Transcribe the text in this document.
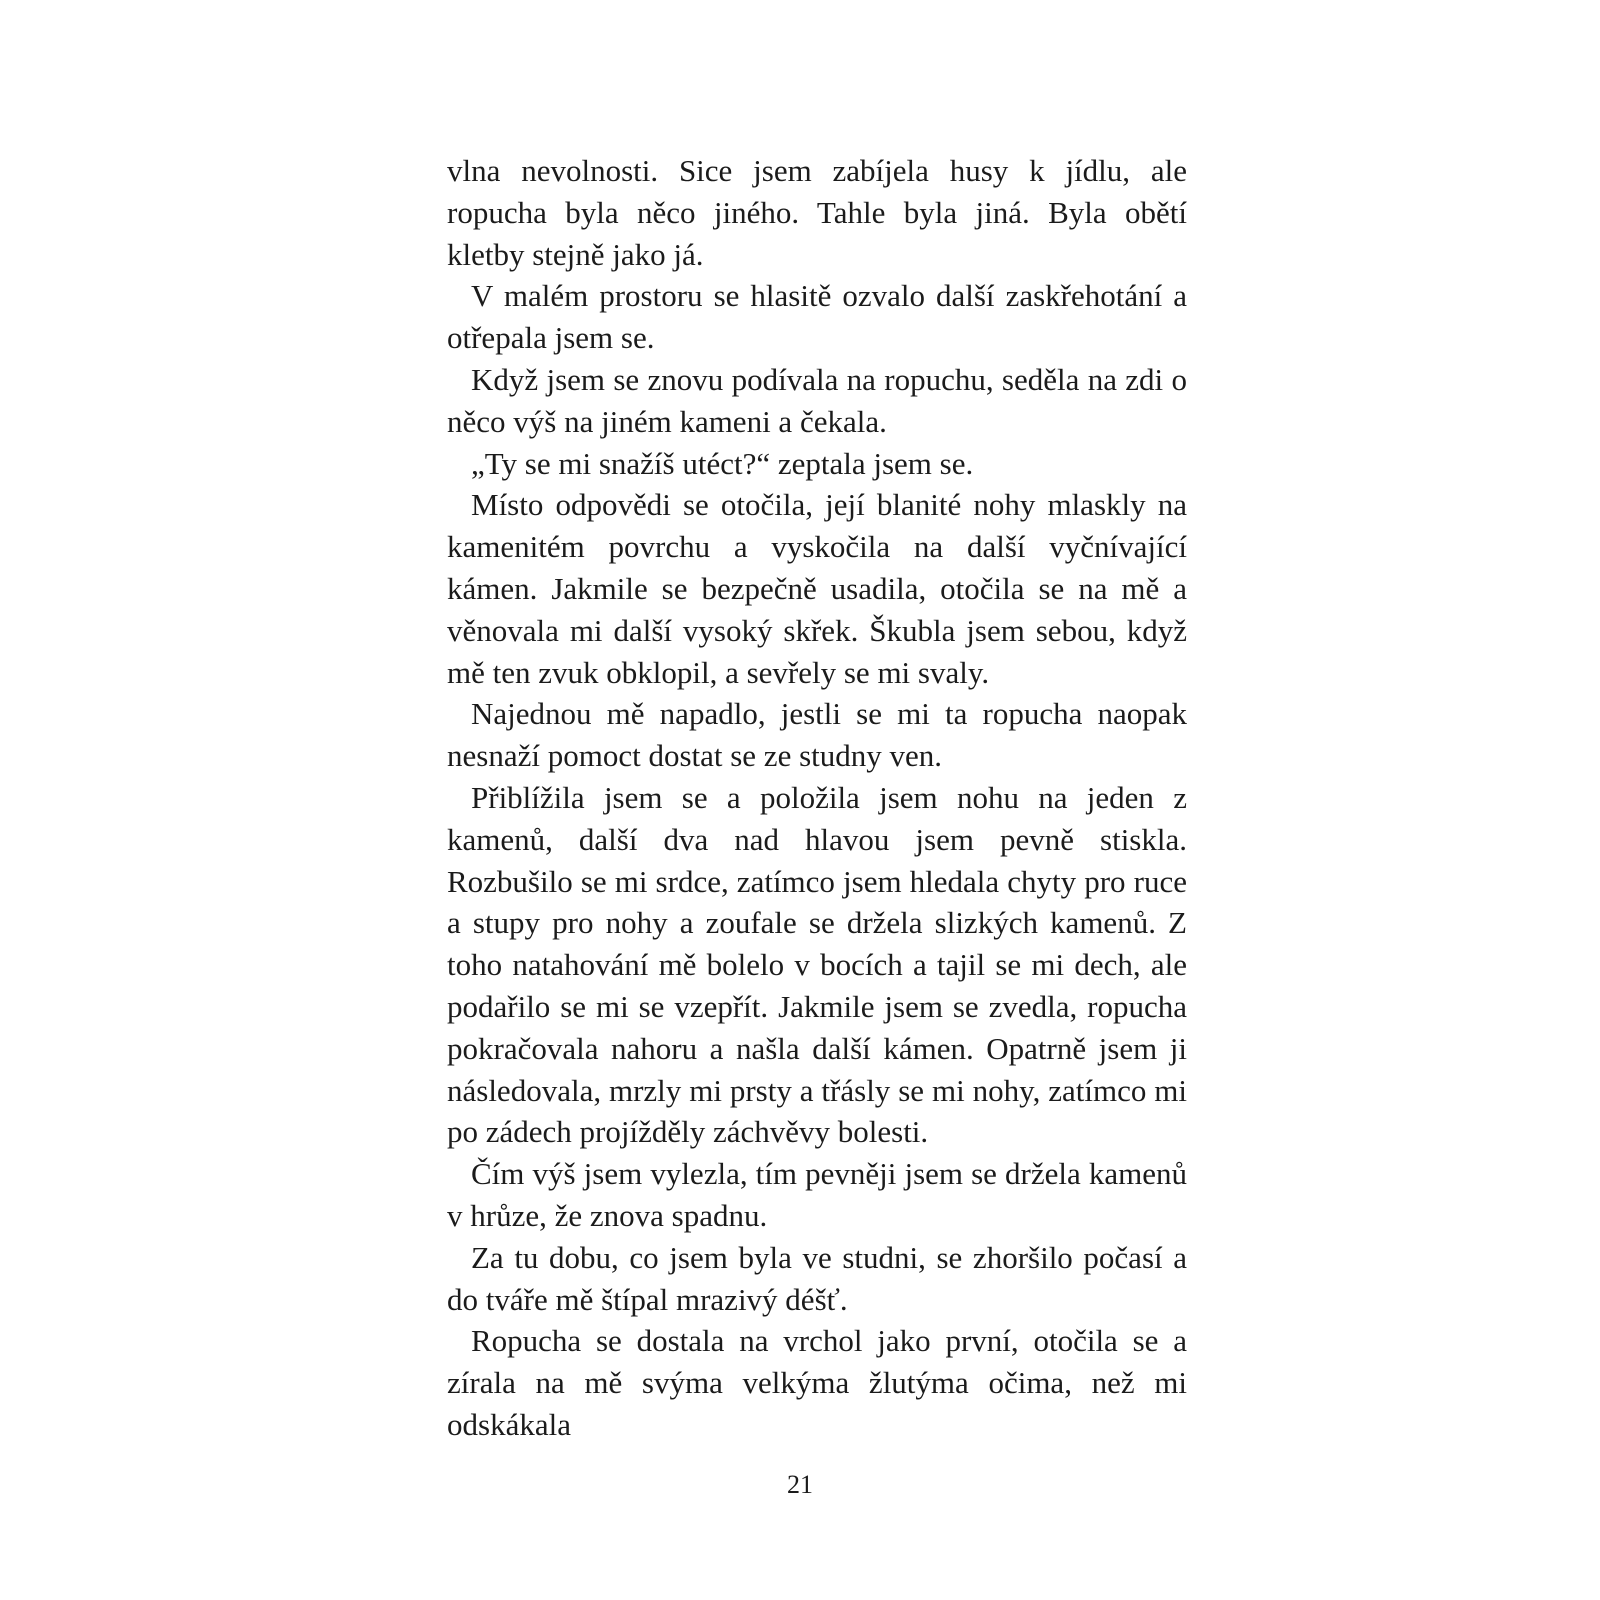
vlna nevolnosti. Sice jsem zabíjela husy k jídlu, ale ropucha byla něco jiného. Tahle byla jiná. Byla obětí kletby stejně jako já.

V malém prostoru se hlasitě ozvalo další zaskřehotání a otřepala jsem se.

Když jsem se znovu podívala na ropuchu, seděla na zdi o něco výš na jiném kameni a čekala.

„Ty se mi snažíš utéct?“ zeptala jsem se.

Místo odpovědi se otočila, její blanité nohy mlaskly na kamenitém povrchu a vyskočila na další vyčnívající kámen. Jakmile se bezpečně usadila, otočila se na mě a věnovala mi další vysoký skřek. Škubla jsem sebou, když mě ten zvuk obklopil, a sevřely se mi svaly.

Najednou mě napadlo, jestli se mi ta ropucha naopak nesnaží pomoct dostat se ze studny ven.

Přiblížila jsem se a položila jsem nohu na jeden z kamenů, další dva nad hlavou jsem pevně stiskla. Rozbušilo se mi srdce, zatímco jsem hledala chyty pro ruce a stupy pro nohy a zoufale se držela slizkých kamenů. Z toho natahování mě bolelo v bocích a tajil se mi dech, ale podařilo se mi se vzepřít. Jakmile jsem se zvedla, ropucha pokračovala nahoru a našla další kámen. Opatrně jsem ji následovala, mrzly mi prsty a třásly se mi nohy, zatímco mi po zádech projížděly záchvěvy bolesti.

Čím výš jsem vylezla, tím pevněji jsem se držela kamenů v hrůze, že znova spadnu.

Za tu dobu, co jsem byla ve studni, se zhoršilo počasí a do tváře mě štípal mrazivý déšť.

Ropucha se dostala na vrchol jako první, otočila se a zírala na mě svýma velkýma žlutýma očima, než mi odskákala

21
